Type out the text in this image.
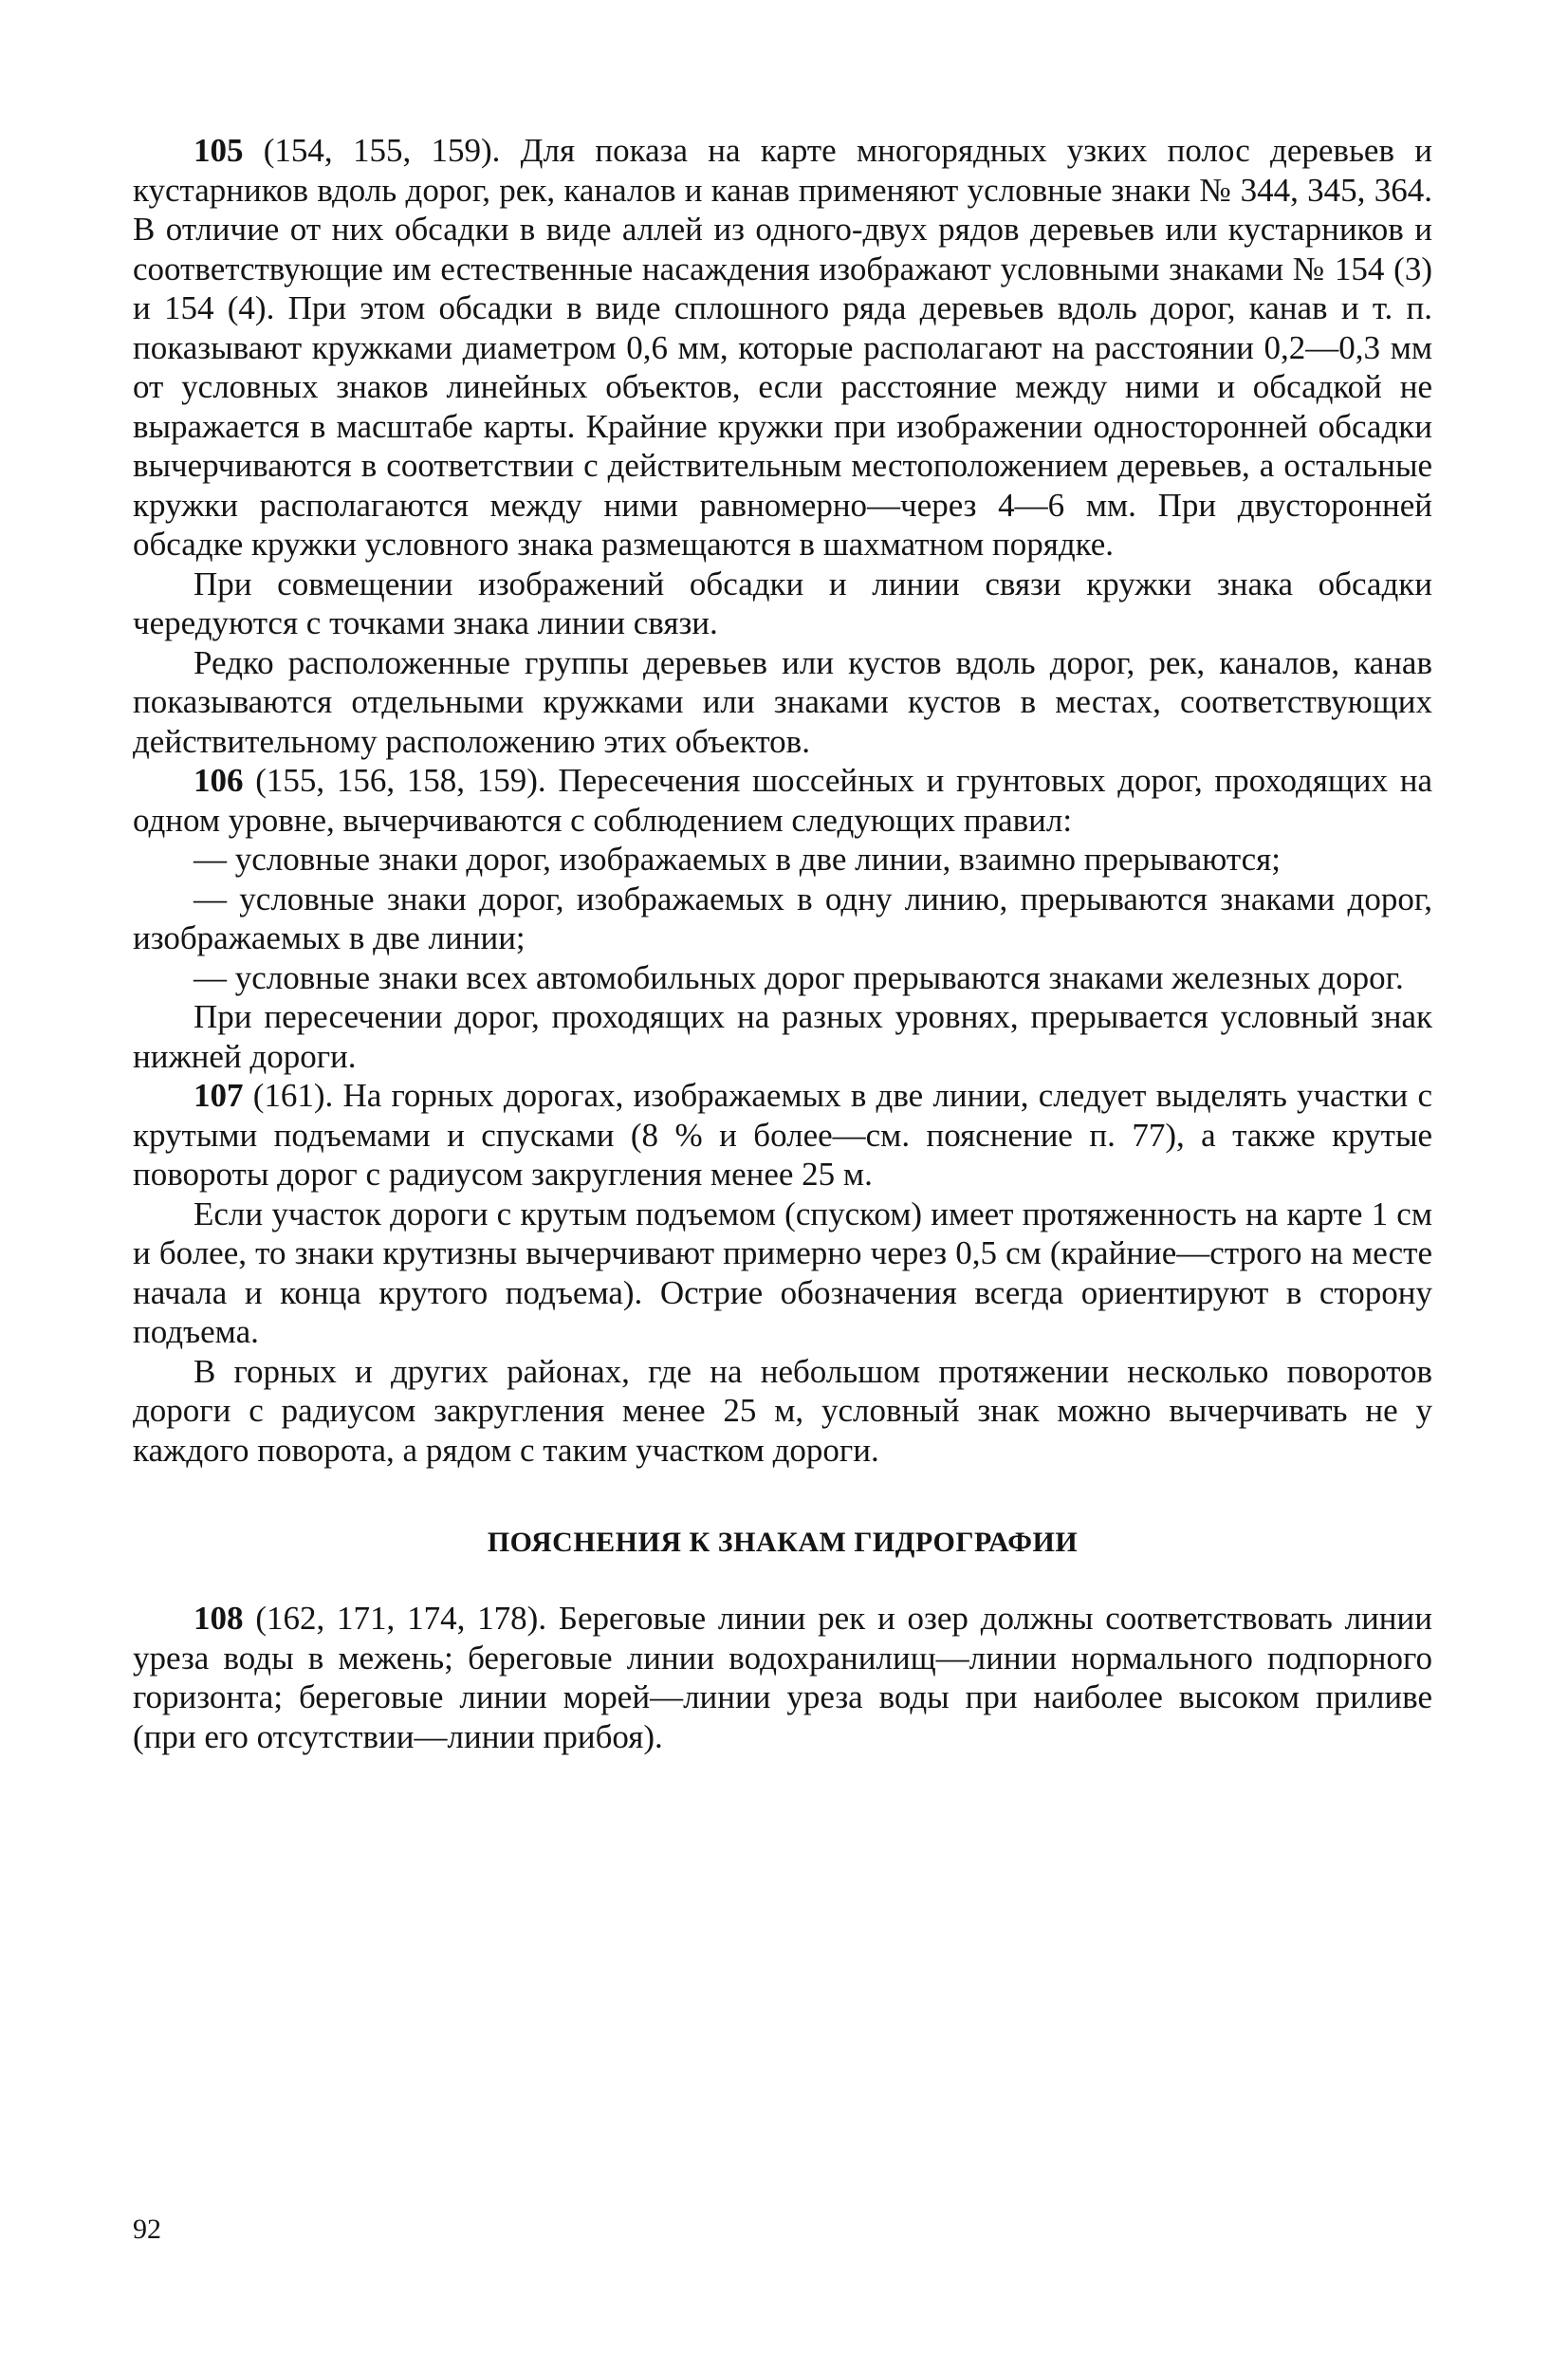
105 (154, 155, 159). Для показа на карте многорядных узких полос деревьев и кустарников вдоль дорог, рек, каналов и канав применяют условные знаки № 344, 345, 364. В отличие от них обсадки в виде аллей из одного-двух рядов деревьев или кустарников и соответствующие им естественные насаждения изображают условными знаками № 154 (3) и 154 (4). При этом обсадки в виде сплошного ряда деревьев вдоль дорог, канав и т. п. показывают кружками диаметром 0,6 мм, которые располагают на расстоянии 0,2—0,3 мм от условных знаков линейных объектов, если расстояние между ними и обсадкой не выражается в масштабе карты. Крайние кружки при изображении односторонней обсадки вычерчиваются в соответствии с действительным местоположением деревьев, а остальные кружки располагаются между ними равномерно—через 4—6 мм. При двусторонней обсадке кружки условного знака размещаются в шахматном порядке.

При совмещении изображений обсадки и линии связи кружки знака обсадки чередуются с точками знака линии связи.

Редко расположенные группы деревьев или кустов вдоль дорог, рек, каналов, канав показываются отдельными кружками или знаками кустов в местах, соответствующих действительному расположению этих объектов.

106 (155, 156, 158, 159). Пересечения шоссейных и грунтовых дорог, проходящих на одном уровне, вычерчиваются с соблюдением следующих правил:

— условные знаки дорог, изображаемых в две линии, взаимно прерываются;

— условные знаки дорог, изображаемых в одну линию, прерываются знаками дорог, изображаемых в две линии;

— условные знаки всех автомобильных дорог прерываются знаками железных дорог.

При пересечении дорог, проходящих на разных уровнях, прерывается условный знак нижней дороги.

107 (161). На горных дорогах, изображаемых в две линии, следует выделять участки с крутыми подъемами и спусками (8 % и более—см. пояснение п. 77), а также крутые повороты дорог с радиусом закругления менее 25 м.

Если участок дороги с крутым подъемом (спуском) имеет протяженность на карте 1 см и более, то знаки крутизны вычерчивают примерно через 0,5 см (крайние—строго на месте начала и конца крутого подъема). Острие обозначения всегда ориентируют в сторону подъема.

В горных и других районах, где на небольшом протяжении несколько поворотов дороги с радиусом закругления менее 25 м, условный знак можно вычерчивать не у каждого поворота, а рядом с таким участком дороги.

ПОЯСНЕНИЯ К ЗНАКАМ ГИДРОГРАФИИ

108 (162, 171, 174, 178). Береговые линии рек и озер должны соответствовать линии уреза воды в межень; береговые линии водохранилищ—линии нормального подпорного горизонта; береговые линии морей—линии уреза воды при наиболее высоком приливе (при его отсутствии—линии прибоя).

92
